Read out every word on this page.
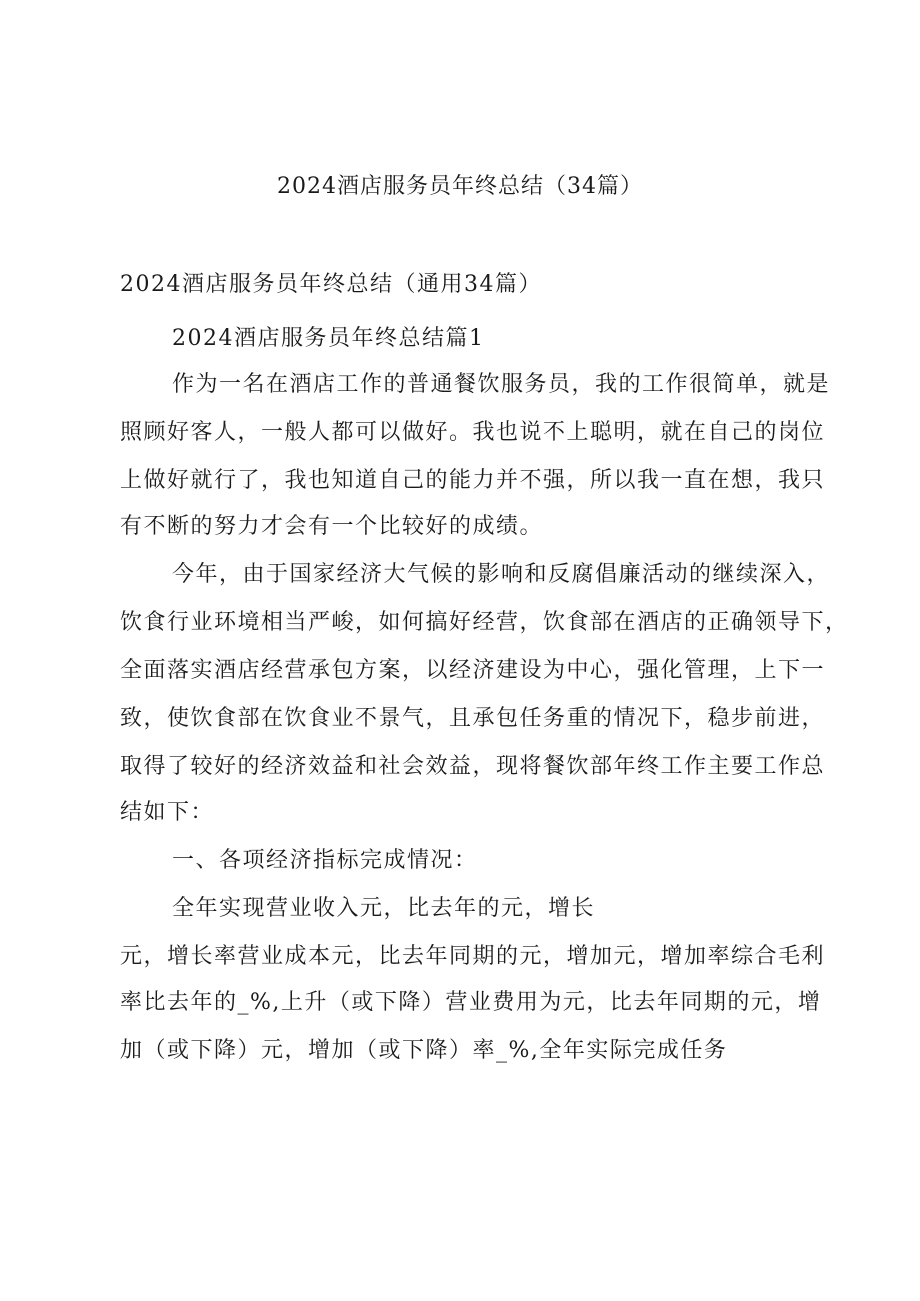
2024酒店服务员年终总结（34篇）
2024酒店服务员年终总结（通用34篇）
2024酒店服务员年终总结篇1
作为一名在酒店工作的普通餐饮服务员，我的工作很简单，就是
照顾好客人，一般人都可以做好。我也说不上聪明，就在自己的岗位
上做好就行了，我也知道自己的能力并不强，所以我一直在想，我只
有不断的努力才会有一个比较好的成绩。
今年，由于国家经济大气候的影响和反腐倡廉活动的继续深入，
饮食行业环境相当严峻，如何搞好经营，饮食部在酒店的正确领导下，
全面落实酒店经营承包方案，以经济建设为中心，强化管理，上下一
致，使饮食部在饮食业不景气，且承包任务重的情况下，稳步前进，
取得了较好的经济效益和社会效益，现将餐饮部年终工作主要工作总
结如下：
一、各项经济指标完成情况：
全年实现营业收入元，比去年的元，增长
元，增长率营业成本元，比去年同期的元，增加元，增加率综合毛利
率比去年的_%,上升（或下降）营业费用为元，比去年同期的元，增
加（或下降）元，增加（或下降）率_%,全年实际完成任务
